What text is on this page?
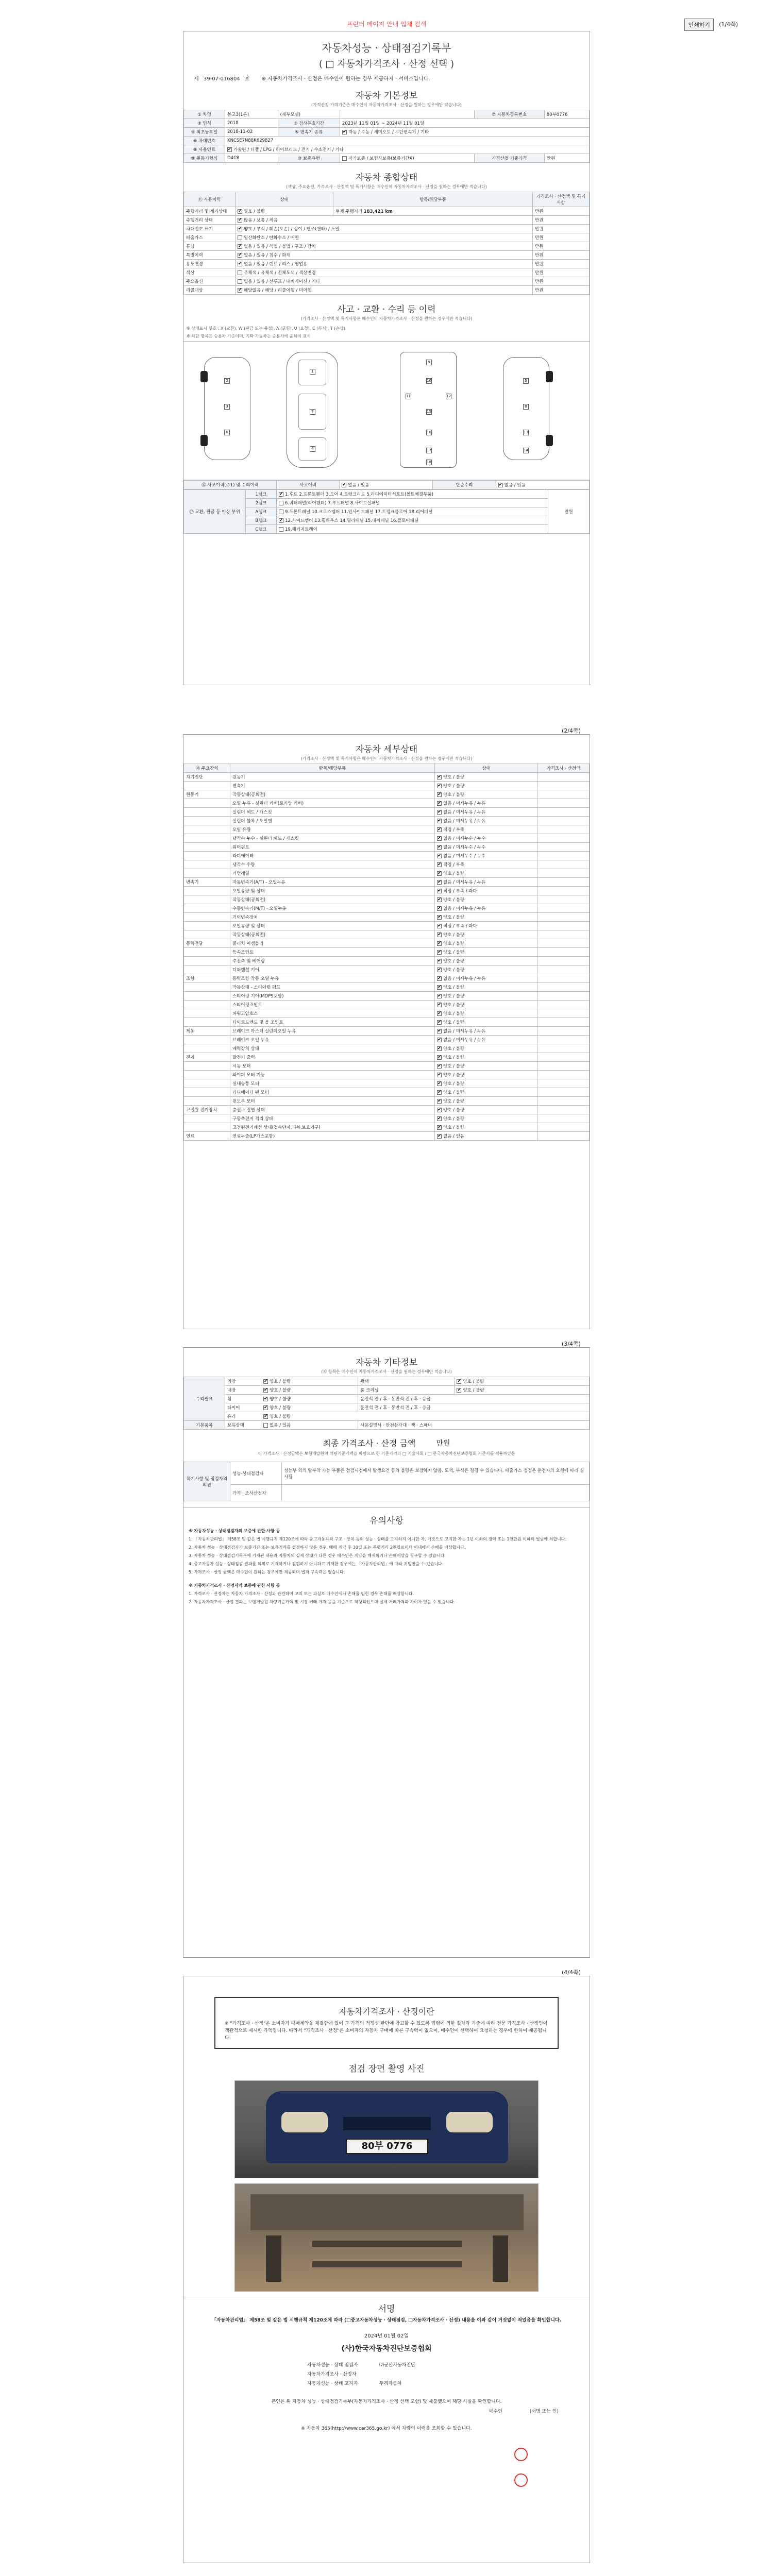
프린터 페이지 안내 업체 검색	인쇄하기	(1/4쪽)
자동차성능 · 상태점검기록부
( □ 자동차가격조사 · 산정 선택 )
제 39-07-016804 호 ※ 자동차가격조사 · 산정은 매수인이 원하는 경우 제공하지 · 서비스입니다.
자동차 기본정보
(가격산정 가격기준은 매수인이 자동차가격조사 · 산정을 원하는 경우에만 적습니다)
① 차명	봉고3(1톤)	(세부모델)		⑦ 자동차등록번호	80부0776
② 연식	2018	③ 검사유효기간	2023년 11월 01일 ~ 2024년 11월 01일		
④ 최초등록일	2018-11-02	⑤ 변속기 종류	✔자동 / 수동 / 세미오토 / 무단변속기 / 기타
⑥ 차대번호	KNCSE7N88K629827				
⑧ 사용연료	✔가솔린 / 디젤 / LPG / 하이브리드 / 전기 / 수소전기 / 기타
⑨ 원동기형식	D4CB	⑩ 보증유형	자가보증 / 보험사보증(보증기간X)	가격산정 기준가격	만원
자동차 종합상태
(색상, 주요옵션, 가격조사 · 산정액 및 특기사항은 매수인이 자동차가격조사 · 산정을 원하는 경우에만 적습니다)
⑪ 사용이력	상태	항목/해당부품	가격조사 · 산정액 및 특기사항
주행거리 및 계기상태	✔양호 / 불량	현재 주행거리 183,421 km	만원
주행거리 상태	✔많음 / 보통 / 적음		만원
차대번호 표기	✔양호 / 부식 / 훼손(오손) / 상이 / 변조(변타) / 도말		만원
배출가스	일산화탄소 / 탄화수소 / 매연		만원
튜닝	✔없음 / 있음 / 적법 / 불법 / 구조 / 장치		만원
특별이력	✔없음 / 있음 / 침수 / 화재		만원
용도변경	✔없음 / 있음 / 렌트 / 리스 / 영업용		만원
색상	무채색 / 유채색 / 전체도색 / 색상변경		만원
주요옵션	없음 / 있음 / 선루프 / 내비게이션 / 기타		만원
리콜대상	✔해당없음 / 해당 / 리콜이행 / 미이행		만원
사고 · 교환 · 수리 등 이력
(가격조사 · 산정액 및 특기사항은 매수인이 자동차가격조사 · 산정을 원하는 경우에만 적습니다)
※ 상태표시 부호 : X (교환), W (판금 또는 용접), A (긁힘), U (요철), C (부식), T (손상)
※ 하단 항목은 승용차 기준이며, 기타 자동차는 승용차에 준하여 표시
2
3
6
1
7
4
9
10
11	12
15
16
17
18
5
8
13
14
⑯ 사고이력(주1) 및 수리이력	사고이력	✔없음 / 있음	단순수리	✔없음 / 있음
⑰ 교환, 판금 등 이상 부위	1랭크	✔1.후드 2.프론트휀더 3.도어 4.트렁크리드 5.라디에이터서포트(볼트체결부품)	만원
	2랭크	6.쿼터패널(리어펜더) 7.루프패널 8.사이드실패널	
	A랭크	9.프론트패널 10.크로스멤버 11.인사이드패널 17.트렁크플로어 18.리어패널	
	B랭크	✔12.사이드멤버 13.휠하우스 14.필러패널 15.대쉬패널 16.플로어패널
	C랭크	19.패키지트레이	
(2/4쪽)
자동차 세부상태
(가격조사 · 산정액 및 특기사항은 매수인이 자동차가격조사 · 산정을 원하는 경우에만 적습니다)
⑱ 주요장치	항목/해당부품	상태	가격조사 · 산정액
자기진단	원동기	✔양호 / 불량	
	변속기	✔양호 / 불량	
원동기	작동상태(공회전)	✔양호 / 불량	
	오일 누유 - 실린더 커버(로커암 커버)	✔없음 / 미세누유 / 누유	
	실린더 헤드 / 개스킷	✔없음 / 미세누유 / 누유	
	실린더 블록 / 오일팬	✔없음 / 미세누유 / 누유	
	오일 유량	✔적정 / 부족	
	냉각수 누수 - 실린더 헤드 / 개스킷	✔없음 / 미세누수 / 누수	
	워터펌프	✔없음 / 미세누수 / 누수	
	라디에이터	✔없음 / 미세누수 / 누수	
	냉각수 수량	✔적정 / 부족	
	커먼레일	✔양호 / 불량	
변속기	자동변속기(A/T) - 오일누유	✔없음 / 미세누유 / 누유	
	오일유량 및 상태	✔적정 / 부족 / 과다	
	작동상태(공회전)	✔양호 / 불량	
	수동변속기(M/T) - 오일누유	✔없음 / 미세누유 / 누유	
	기어변속장치	✔양호 / 불량	
	오일유량 및 상태	✔적정 / 부족 / 과다	
	작동상태(공회전)	✔양호 / 불량	
동력전달	클러치 어셈블리	✔양호 / 불량	
	등속조인트	✔양호 / 불량	
	추진축 및 베어링	✔양호 / 불량	
	디퍼렌셜 기어	✔양호 / 불량	
조향	동력조향 작동 오일 누유	✔없음 / 미세누유 / 누유	
	작동상태 - 스티어링 펌프	✔양호 / 불량	
	스티어링 기어(MDPS포함)	✔양호 / 불량	
	스티어링조인트	✔양호 / 불량	
	파워고압호스	✔양호 / 불량	
	타이로드엔드 및 볼 조인트	✔양호 / 불량	
제동	브레이크 마스터 실린더오일 누유	✔없음 / 미세누유 / 누유	
	브레이크 오일 누유	✔없음 / 미세누유 / 누유	
	배력장치 상태	✔양호 / 불량	
전기	발전기 출력	✔양호 / 불량	
	시동 모터	✔양호 / 불량	
	와이퍼 모터 기능	✔양호 / 불량	
	실내송풍 모터	✔양호 / 불량	
	라디에이터 팬 모터	✔양호 / 불량	
	윈도우 모터	✔양호 / 불량	
고전원 전기장치	충전구 절연 상태	✔양호 / 불량	
	구동축전지 격리 상태	✔양호 / 불량	
	고전원전기배선 상태(접속단자,피복,보호기구)	✔양호 / 불량	
연료	연료누출(LP가스포함)	✔없음 / 있음	
(3/4쪽)
자동차 기타정보
(⑲ 항목은 매수인이 자동차가격조사 · 산정을 원하는 경우에만 적습니다)
수리필요	외장	✔양호 / 불량	광택	✔양호 / 불량
	내장	✔양호 / 불량	룸 크리닝	✔양호 / 불량
	휠	✔양호 / 불량	운전석 전 / 후 · 동반석 전 / 후 · 응급	
	타이어	✔양호 / 불량	운전석 전 / 후 · 동반석 전 / 후 · 응급	
	유리	✔양호 / 불량
기본품목	보유상태	없음 / 있음	사용설명서 · 안전삼각대 · 잭 · 스패너	
최종 가격조사 · 산정 금액	만원
이 가격조사 · 산정금액은 보험개발원의 차량기준가액을 바탕으로 한 기준가격과 □ 기술사회 / □ 한국자동차진단보증협회 기준서를 적용하였음
특기사항 및 점검자의 의견	성능·상태점검자	성능부 외의 탈부착 가능 부품은 점검시점에서 발생요건 등의 불량은 보장하지 않음. 도색, 부식은 경정 수 있습니다. 배출가스 점검은 운전자의 요청에 따라 실시됨
	가격 · 조사산정자	
유의사항

※ 자동차성능 · 상태점검자의 보증에 관한 사항 등

1. 「자동차관리법」 제58조 및 같은 법 시행규칙 제120조에 따라 중고자동차의 구조 · 장치 등의 성능 · 상태를 고지하지 아니한 자, 거짓으로 고지한 자는 1년 이하의 징역 또는 1천만원 이하의 벌금에 처합니다.

2. 자동차 성능 · 상태점검자가 보증기간 또는 보증거리를 설정하지 않은 경우, 매매 계약 후 30일 또는 주행거리 2천킬로미터 이내에서 손해를 배상합니다.

3. 자동차 성능 · 상태점검기록부에 기재된 내용과 자동차의 실제 상태가 다른 경우 매수인은 계약을 해제하거나 손해배상을 청구할 수 있습니다.

4. 중고자동차 성능 · 상태점검 결과를 허위로 기재하거나 점검하지 아니하고 기재한 경우에는 「자동차관리법」에 따라 처벌받을 수 있습니다.

5. 가격조사 · 산정 금액은 매수인이 원하는 경우에만 제공되며 법적 구속력은 없습니다.

※ 자동차가격조사 · 산정자의 보증에 관한 사항 등

1. 가격조사 · 산정자는 자동차 가격조사 · 산정과 관련하여 고의 또는 과실로 매수인에게 손해를 입힌 경우 손해를 배상합니다.

2. 자동차가격조사 · 산정 결과는 보험개발원 차량기준가액 및 시장 거래 가격 등을 기준으로 작성되었으며 실제 거래가격과 차이가 있을 수 있습니다.

(4/4쪽)
자동차가격조사 · 산정이란
※ "가격조사 · 산정"은 소비자가 매매계약을 체결함에 있어 그 가격의 적정성 판단에 참고할 수 있도록 법령에 의한 절차와 기준에 따라 전문 가격조사 · 산정인이 객관적으로 제시한 가액입니다. 따라서 "가격조사 · 산정"은 소비자의 자동차 구매에 따른 구속력이 없으며, 매수인이 선택하여 요청하는 경우에 한하여 제공됩니다.
점검 장면 촬영 사진
80부 0776
서명
「자동차관리법」 제58조 및 같은 법 시행규칙 제120조에 따라 (□중고자동차성능 · 상태점검, □자동차가격조사 · 산정) 내용을 이와 같이 거짓없이 적었음을 확인합니다.
2024년 01월 02일
(사)한국자동차진단보증협회
자동차성능 · 상태 점검자	㈜군산자동차진단
자동차가격조사 · 산정자
자동차성능 · 상태 고지자	두리자동차
본인은 위 자동차 성능 · 상태점검기록부(자동차가격조사 · 산정 선택 포함) 및 제출했으며 해당 사실을 확인합니다.
매수인	(서명 또는 인)
※ 자동차 365(http://www.car365.go.kr) 에서 차량의 이력을 조회할 수 있습니다.
